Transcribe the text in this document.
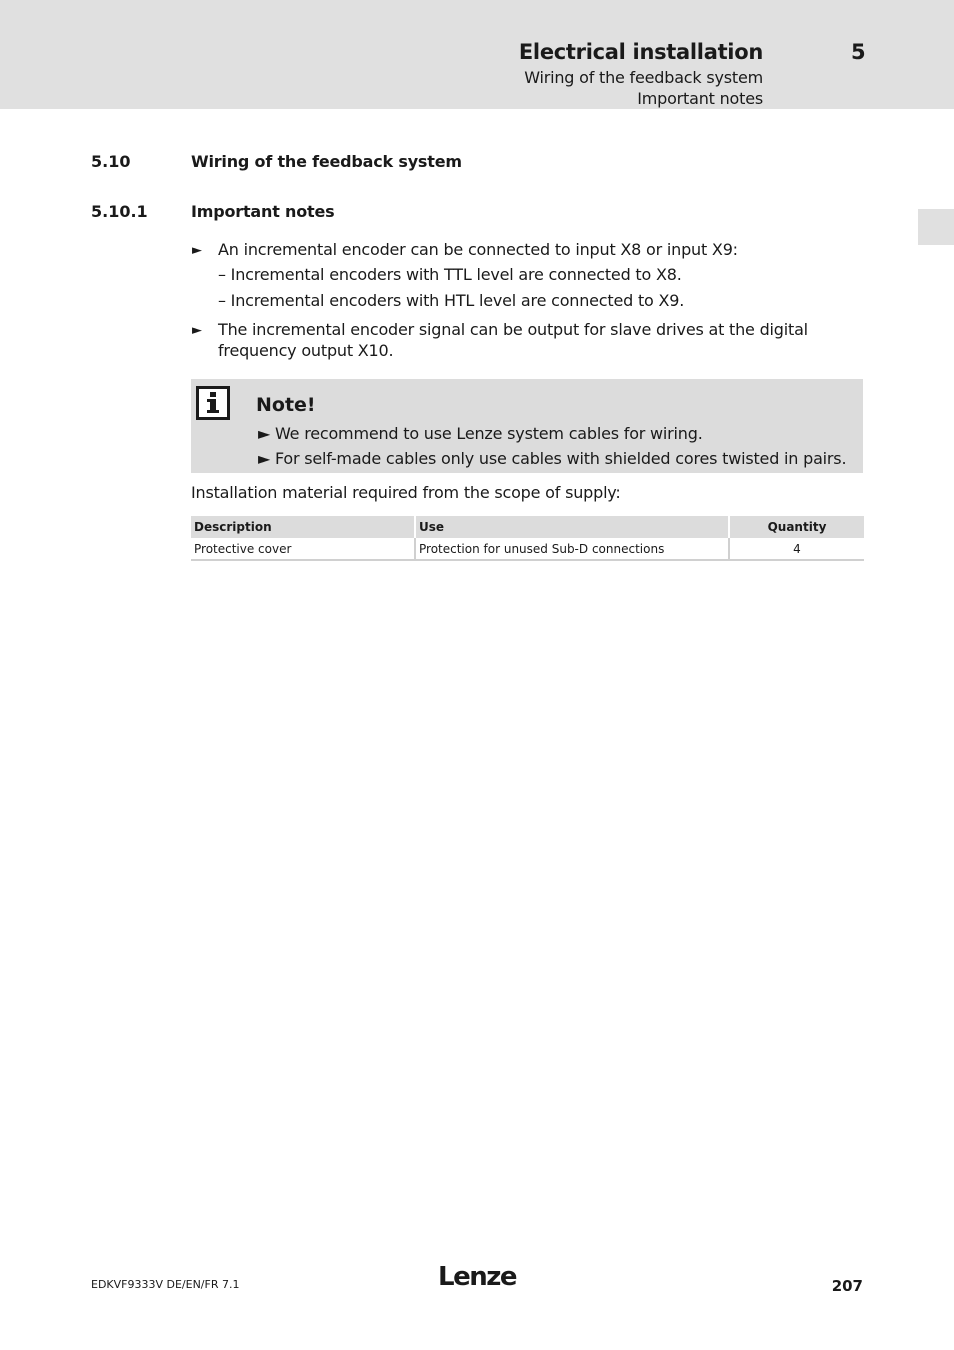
Electrical installation	5
Wiring of the feedback system
Important notes
5.10	Wiring of the feedback system
5.10.1	Important notes
► An incremental encoder can be connected to input X8 or input X9:
– Incremental encoders with TTL level are connected to X8.
– Incremental encoders with HTL level are connected to X9.
► The incremental encoder signal can be output for slave drives at the digital
frequency output X10.
Note!
► We recommend to use Lenze system cables for wiring.
► For self-made cables only use cables with shielded cores twisted in pairs.
Installation material required from the scope of supply:
Description	Use	Quantity
Protective cover	Protection for unused Sub-D connections	4
EDKVF9333V DE/EN/FR 7.1	Lenze	207
